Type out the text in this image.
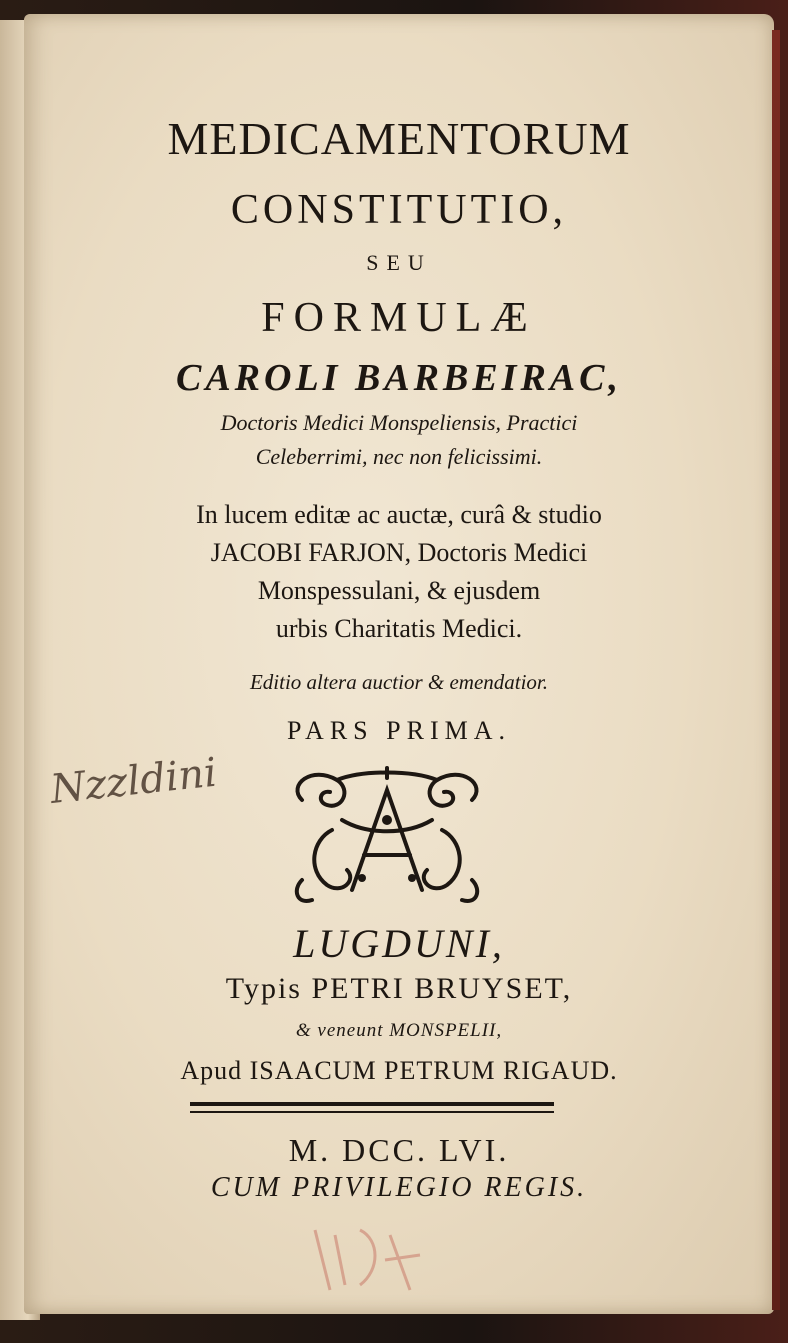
MEDICAMENTORUM
CONSTITUTIO,
SEU
FORMULÆ
CAROLI BARBEIRAC,
Doctoris Medici Monspeliensis, Practici
Celeberrimi, nec non felicissimi.
In lucem editæ ac auctæ, curâ & studio
JACOBI FARJON, Doctoris Medici
Monspessulani, & ejusdem
urbis Charitatis Medici.
Editio altera auctior & emendatior.
PARS PRIMA.
Nzzldini
LUGDUNI,
Typis PETRI BRUYSET,
& veneunt MONSPELII,
Apud ISAACUM PETRUM RIGAUD.
M. DCC. LVI.
CUM PRIVILEGIO REGIS.
